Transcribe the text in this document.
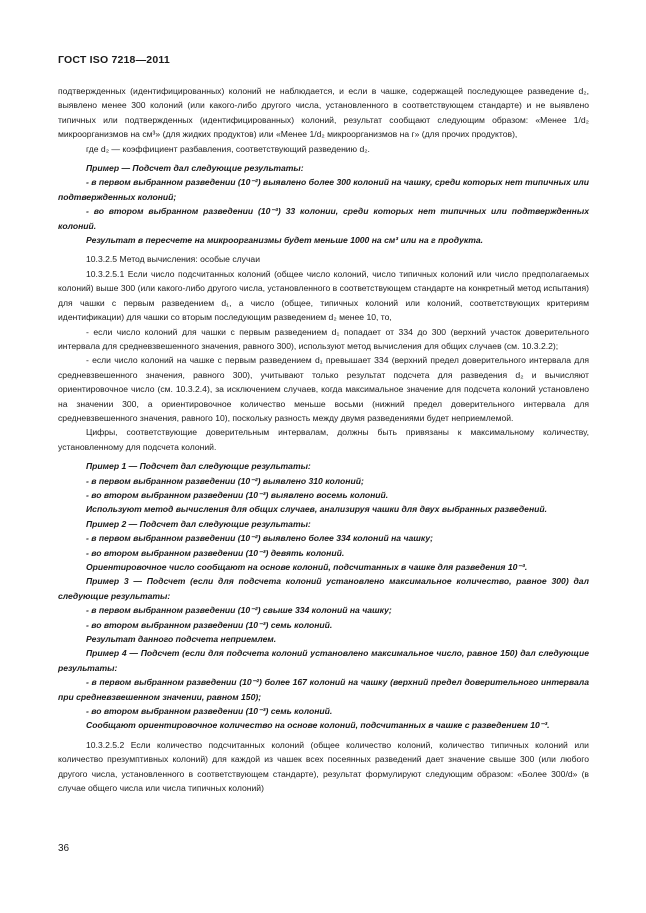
ГОСТ ISO 7218—2011

подтвержденных (идентифицированных) колоний не наблюдается, и если в чашке, содержащей последующее разведение d₂, выявлено менее 300 колоний (или какого-либо другого числа, установленного в соответствующем стандарте) и не выявлено типичных или подтвержденных (идентифицированных) колоний, результат сообщают следующим образом: «Менее 1/d₂ микроорганизмов на см³» (для жидких продуктов) или «Менее 1/d₂ микроорганизмов на г» (для прочих продуктов),

где d₂ — коэффициент разбавления, соответствующий разведению d₂.

Пример — Подсчет дал следующие результаты:

- в первом выбранном разведении (10⁻²) выявлено более 300 колоний на чашку, среди которых нет типичных или подтвержденных колоний;

- во втором выбранном разведении (10⁻³) 33 колонии, среди которых нет типичных или подтвержденных колоний.

Результат в пересчете на микроорганизмы будет меньше 1000 на см³ или на г продукта.

10.3.2.5 Метод вычисления: особые случаи

10.3.2.5.1 Если число подсчитанных колоний (общее число колоний, число типичных колоний или число предполагаемых колоний) выше 300 (или какого-либо другого числа, установленного в соответствующем стандарте на конкретный метод испытания) для чашки с первым разведением d₁, а число (общее, типичных колоний или колоний, соответствующих критериям идентификации) для чашки со вторым последующим разведением d₂ менее 10, то,

- если число колоний для чашки с первым разведением d₁ попадает от 334 до 300 (верхний участок доверительного интервала для средневзвешенного значения, равного 300), используют метод вычисления для общих случаев (см. 10.3.2.2);

- если число колоний на чашке с первым разведением d₁ превышает 334 (верхний предел доверительного интервала для средневзвешенного значения, равного 300), учитывают только результат подсчета для разведения d₂ и вычисляют ориентировочное число (см. 10.3.2.4), за исключением случаев, когда максимальное значение для подсчета колоний установлено на значении 300, а ориентировочное количество меньше восьми (нижний предел доверительного интервала для средневзвешенного значения, равного 10), поскольку разность между двумя разведениями будет неприемлемой.

Цифры, соответствующие доверительным интервалам, должны быть привязаны к максимальному количеству, установленному для подсчета колоний.

Пример 1 — Подсчет дал следующие результаты:

- в первом выбранном разведении (10⁻²) выявлено 310 колоний;

- во втором выбранном разведении (10⁻³) выявлено восемь колоний.

Используют метод вычисления для общих случаев, анализируя чашки для двух выбранных разведений.

Пример 2 — Подсчет дал следующие результаты:

- в первом выбранном разведении (10⁻²) выявлено более 334 колоний на чашку;

- во втором выбранном разведении (10⁻³) девять колоний.

Ориентировочное число сообщают на основе колоний, подсчитанных в чашке для разведения 10⁻³.

Пример 3 — Подсчет (если для подсчета колоний установлено максимальное количество, равное 300) дал следующие результаты:

- в первом выбранном разведении (10⁻²) свыше 334 колоний на чашку;

- во втором выбранном разведении (10⁻³) семь колоний.

Результат данного подсчета неприемлем.

Пример 4 — Подсчет (если для подсчета колоний установлено максимальное число, равное 150) дал следующие результаты:

- в первом выбранном разведении (10⁻²) более 167 колоний на чашку (верхний предел доверительного интервала при средневзвешенном значении, равном 150);

- во втором выбранном разведении (10⁻³) семь колоний.

Сообщают ориентировочное количество на основе колоний, подсчитанных в чашке с разведением 10⁻³.

10.3.2.5.2 Если количество подсчитанных колоний (общее количество колоний, количество типичных колоний или количество презумптивных колоний) для каждой из чашек всех посеянных разведений дает значение свыше 300 (или любого другого числа, установленного в соответствующем стандарте), результат формулируют следующим образом: «Более 300/d» (в случае общего числа или числа типичных колоний)

36
